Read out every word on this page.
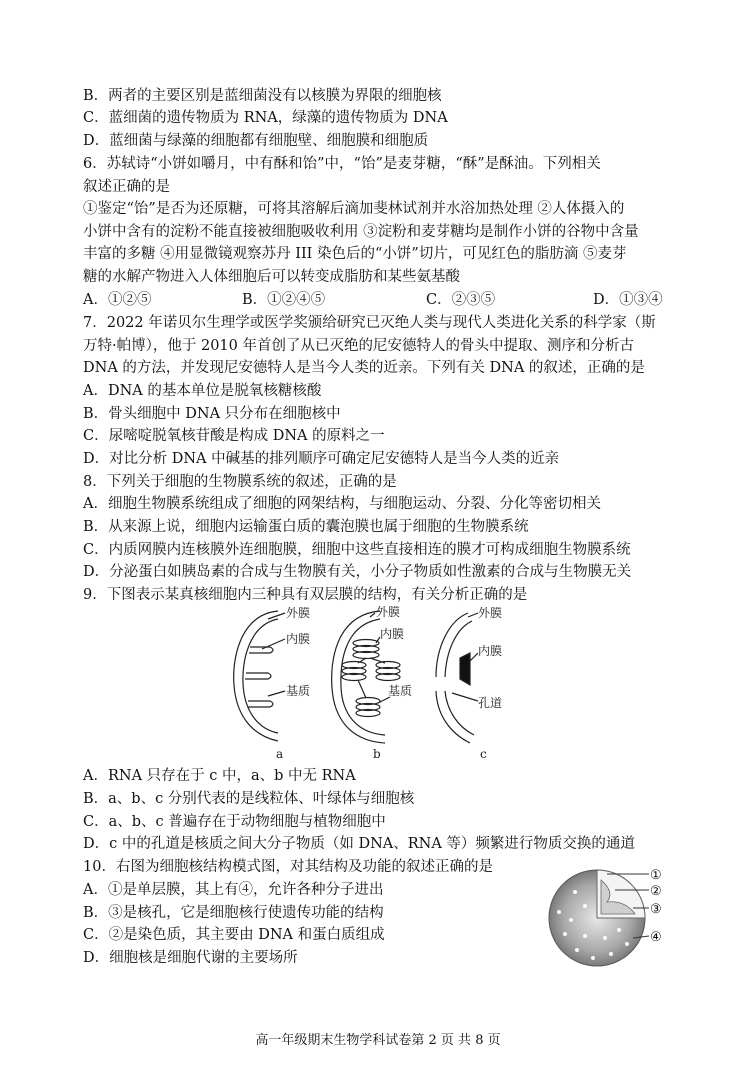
B．两者的主要区别是蓝细菌没有以核膜为界限的细胞核
C．蓝细菌的遗传物质为 RNA，绿藻的遗传物质为 DNA
D．蓝细菌与绿藻的细胞都有细胞壁、细胞膜和细胞质
6．苏轼诗“小饼如嚼月，中有酥和饴”中，“饴”是麦芽糖，“酥”是酥油。下列相关
叙述正确的是
①鉴定“饴”是否为还原糖，可将其溶解后滴加斐林试剂并水浴加热处理 ②人体摄入的
小饼中含有的淀粉不能直接被细胞吸收利用 ③淀粉和麦芽糖均是制作小饼的谷物中含量
丰富的多糖 ④用显微镜观察苏丹 III 染色后的“小饼”切片，可见红色的脂肪滴 ⑤麦芽
糖的水解产物进入人体细胞后可以转变成脂肪和某些氨基酸
A．①②⑤	B．①②④⑤	C．②③⑤	D．①③④
7．2022 年诺贝尔生理学或医学奖颁给研究已灭绝人类与现代人类进化关系的科学家（斯
万特·帕博），他于 2010 年首创了从已灭绝的尼安德特人的骨头中提取、测序和分析古
DNA 的方法，并发现尼安德特人是当今人类的近亲。下列有关 DNA 的叙述，正确的是
A．DNA 的基本单位是脱氧核糖核酸
B．骨头细胞中 DNA 只分布在细胞核中
C．尿嘧啶脱氧核苷酸是构成 DNA 的原料之一
D．对比分析 DNA 中碱基的排列顺序可确定尼安德特人是当今人类的近亲
8．下列关于细胞的生物膜系统的叙述，正确的是
A．细胞生物膜系统组成了细胞的网架结构，与细胞运动、分裂、分化等密切相关
B．从来源上说，细胞内运输蛋白质的囊泡膜也属于细胞的生物膜系统
C．内质网膜内连核膜外连细胞膜，细胞中这些直接相连的膜才可构成细胞生物膜系统
D．分泌蛋白如胰岛素的合成与生物膜有关，小分子物质如性激素的合成与生物膜无关
9．下图表示某真核细胞内三种具有双层膜的结构，有关分析正确的是
外膜
内膜
基质
外膜
内膜
基质
外膜
内膜
孔道
a	b	c
A．RNA 只存在于 c 中，a、b 中无 RNA
B．a、b、c 分别代表的是线粒体、叶绿体与细胞核
C．a、b、c 普遍存在于动物细胞与植物细胞中
D．c 中的孔道是核质之间大分子物质（如 DNA、RNA 等）频繁进行物质交换的通道
10．右图为细胞核结构模式图，对其结构及功能的叙述正确的是
A．①是单层膜，其上有④，允许各种分子进出
B．③是核孔，它是细胞核行使遗传功能的结构
C．②是染色质，其主要由 DNA 和蛋白质组成
D．细胞核是细胞代谢的主要场所
①
②
③
④
高一年级期末生物学科试卷第 2 页 共 8 页
